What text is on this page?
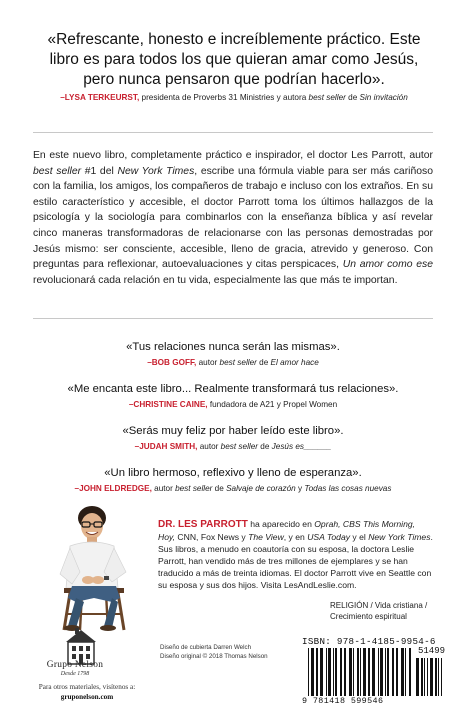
«Refrescante, honesto e increíblemente práctico. Este libro es para todos los que quieran amar como Jesús, pero nunca pensaron que podrían hacerlo».
–LYSA TERKEURST, presidenta de Proverbs 31 Ministries y autora best seller de Sin invitación
En este nuevo libro, completamente práctico e inspirador, el doctor Les Parrott, autor best seller #1 del New York Times, escribe una fórmula viable para ser más cariñoso con la familia, los amigos, los compañeros de trabajo e incluso con los extraños. En su estilo característico y accesible, el doctor Parrott toma los últimos hallazgos de la psicología y la sociología para combinarlos con la enseñanza bíblica y así revelar cinco maneras transformadoras de relacionarse con las personas demostradas por Jesús mismo: ser consciente, accesible, lleno de gracia, atrevido y generoso. Con preguntas para reflexionar, autoevaluaciones y citas perspicaces, Un amor como ese revolucionará cada relación en tu vida, especialmente las que más te importan.
«Tus relaciones nunca serán las mismas».
–BOB GOFF, autor best seller de El amor hace
«Me encanta este libro... Realmente transformará tus relaciones».
–CHRISTINE CAINE, fundadora de A21 y Propel Women
«Serás muy feliz por haber leído este libro».
–JUDAH SMITH, autor best seller de Jesús es______
«Un libro hermoso, reflexivo y lleno de esperanza».
–JOHN ELDREDGE, autor best seller de Salvaje de corazón y Todas las cosas nuevas
DR. LES PARROTT ha aparecido en Oprah, CBS This Morning, Hoy, CNN, Fox News y The View, y en USA Today y el New York Times. Sus libros, a menudo en coautoría con su esposa, la doctora Leslie Parrott, han vendido más de tres millones de ejemplares y se han traducido a más de treinta idiomas. El doctor Parrott vive en Seattle con su esposa y sus dos hijos. Visita LesAndLeslie.com.
RELIGIÓN / Vida cristiana /
Crecimiento espiritual
ISBN: 978-1-4185-9954-6
51499
9 781418 599546
Grupo Nelson
Desde 1798
Para otros materiales, visítenos a:
gruponelson.com
Diseño de cubierta Darren Welch
Diseño original © 2018 Thomas Nelson
